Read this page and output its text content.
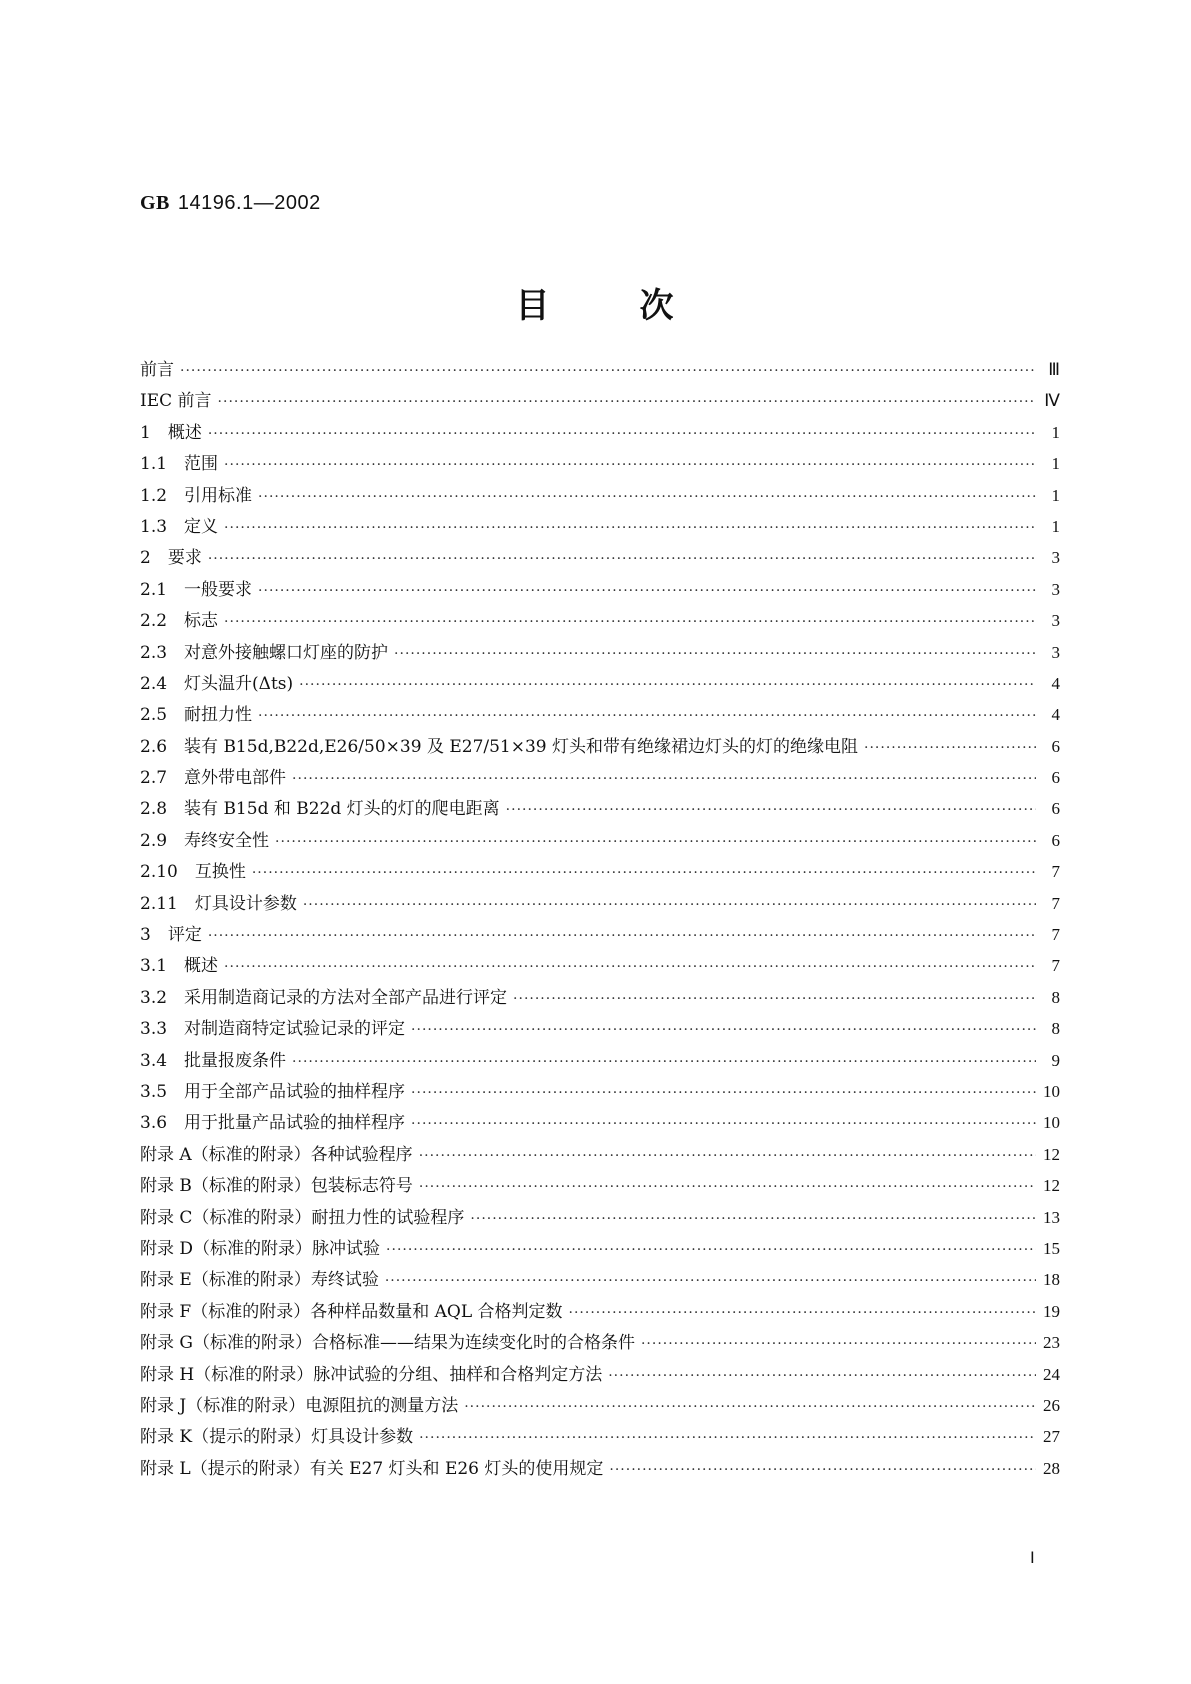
GB 14196.1—2002
目	次
前言 ·····	Ⅲ
IEC 前言 ·····	Ⅳ
1　概述 ·····	1
1.1　范围 ·····	1
1.2　引用标准 ·····	1
1.3　定义 ·····	1
2　要求 ·····	3
2.1　一般要求 ·····	3
2.2　标志 ·····	3
2.3　对意外接触螺口灯座的防护 ·····	3
2.4　灯头温升(Δts) ·····	4
2.5　耐扭力性 ·····	4
2.6　装有 B15d,B22d,E26/50×39 及 E27/51×39 灯头和带有绝缘裙边灯头的灯的绝缘电阻 ·····	6
2.7　意外带电部件 ·····	6
2.8　装有 B15d 和 B22d 灯头的灯的爬电距离 ·····	6
2.9　寿终安全性 ·····	6
2.10　互换性 ·····	7
2.11　灯具设计参数 ·····	7
3　评定 ·····	7
3.1　概述 ·····	7
3.2　采用制造商记录的方法对全部产品进行评定 ·····	8
3.3　对制造商特定试验记录的评定 ·····	8
3.4　批量报废条件 ·····	9
3.5　用于全部产品试验的抽样程序 ·····	10
3.6　用于批量产品试验的抽样程序 ·····	10
附录 A（标准的附录）各种试验程序 ·····	12
附录 B（标准的附录）包装标志符号 ·····	12
附录 C（标准的附录）耐扭力性的试验程序 ·····	13
附录 D（标准的附录）脉冲试验 ·····	15
附录 E（标准的附录）寿终试验 ·····	18
附录 F（标准的附录）各种样品数量和 AQL 合格判定数 ·····	19
附录 G（标准的附录）合格标准——结果为连续变化时的合格条件 ·····	23
附录 H（标准的附录）脉冲试验的分组、抽样和合格判定方法 ·····	24
附录 J（标准的附录）电源阻抗的测量方法 ·····	26
附录 K（提示的附录）灯具设计参数 ·····	27
附录 L（提示的附录）有关 E27 灯头和 E26 灯头的使用规定 ·····	28
Ⅰ
